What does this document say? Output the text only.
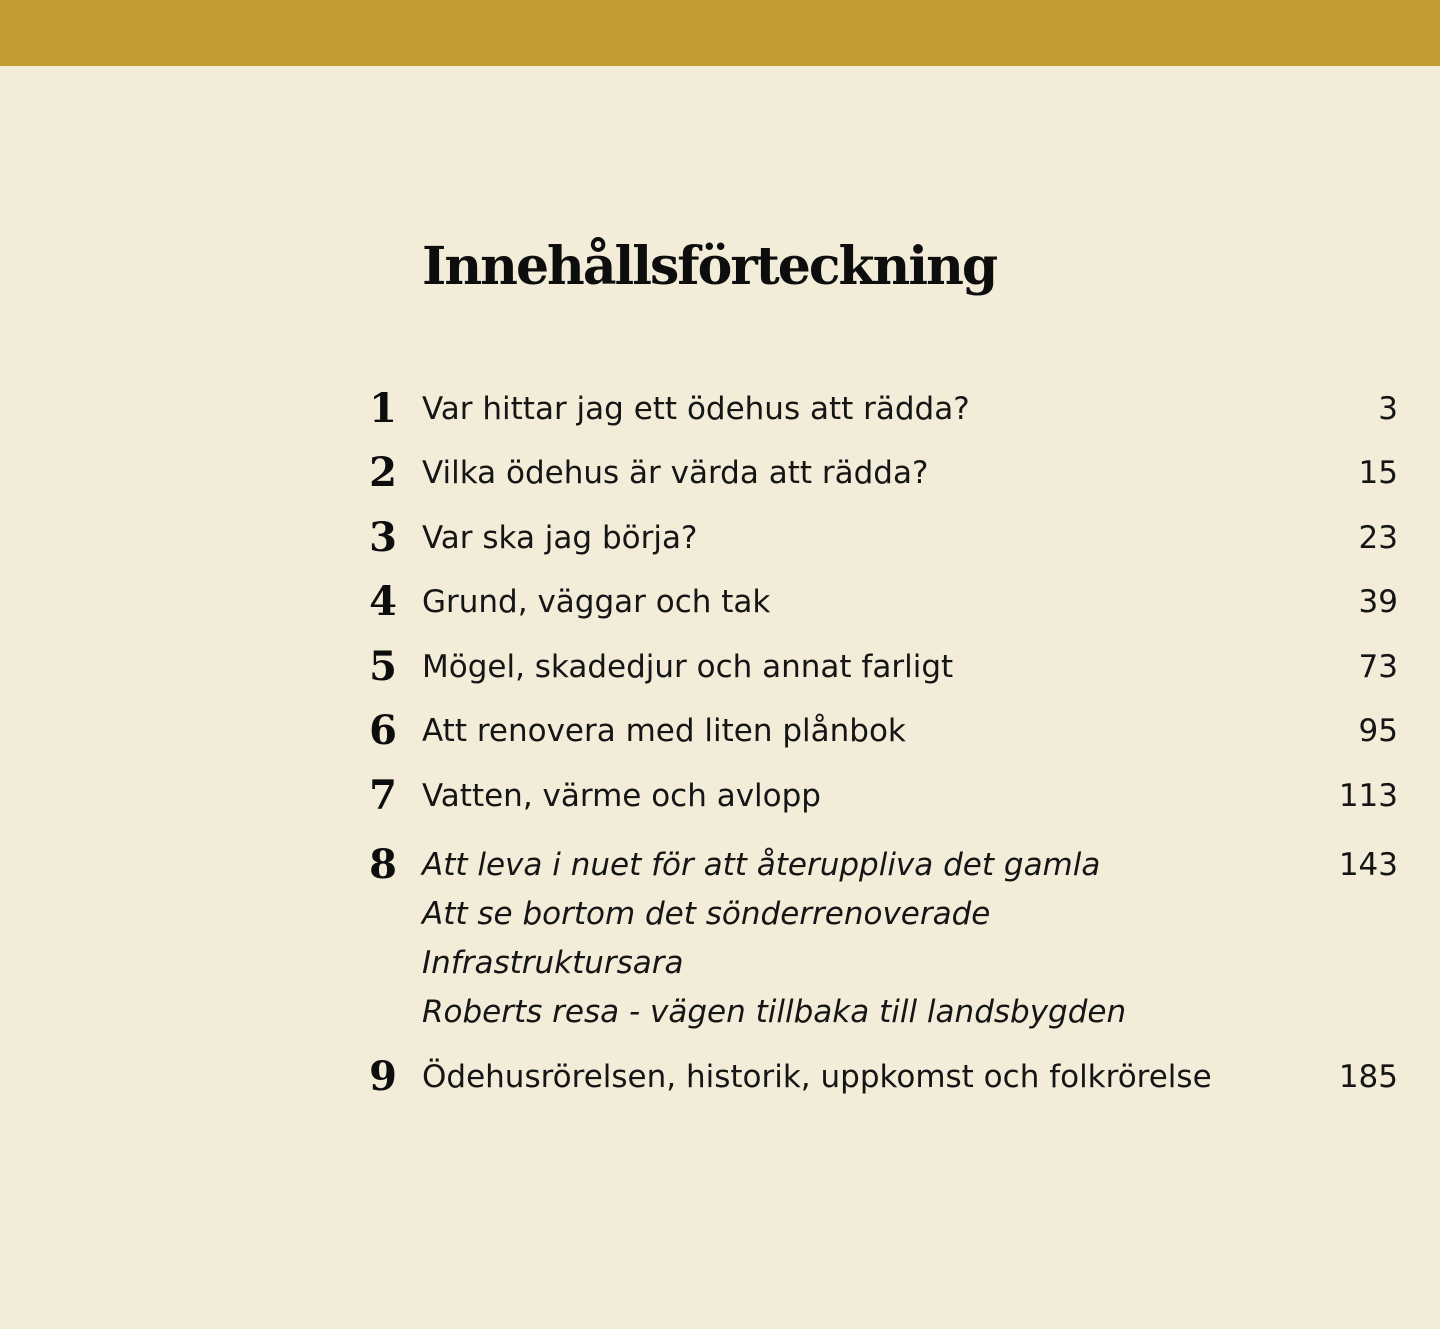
Innehållsförteckning
1 Var hittar jag ett ödehus att rädda?	3
2 Vilka ödehus är värda att rädda?	15
3 Var ska jag börja?	23
4 Grund, väggar och tak	39
5 Mögel, skadedjur och annat farligt	73
6 Att renovera med liten plånbok	95
7 Vatten, värme och avlopp	113
8 Att leva i nuet för att återuppliva det gamla	143
Att se bortom det sönderrenoverade
Infrastruktursara
Roberts resa - vägen tillbaka till landsbygden
9 Ödehusrörelsen, historik, uppkomst och folkrörelse	185
